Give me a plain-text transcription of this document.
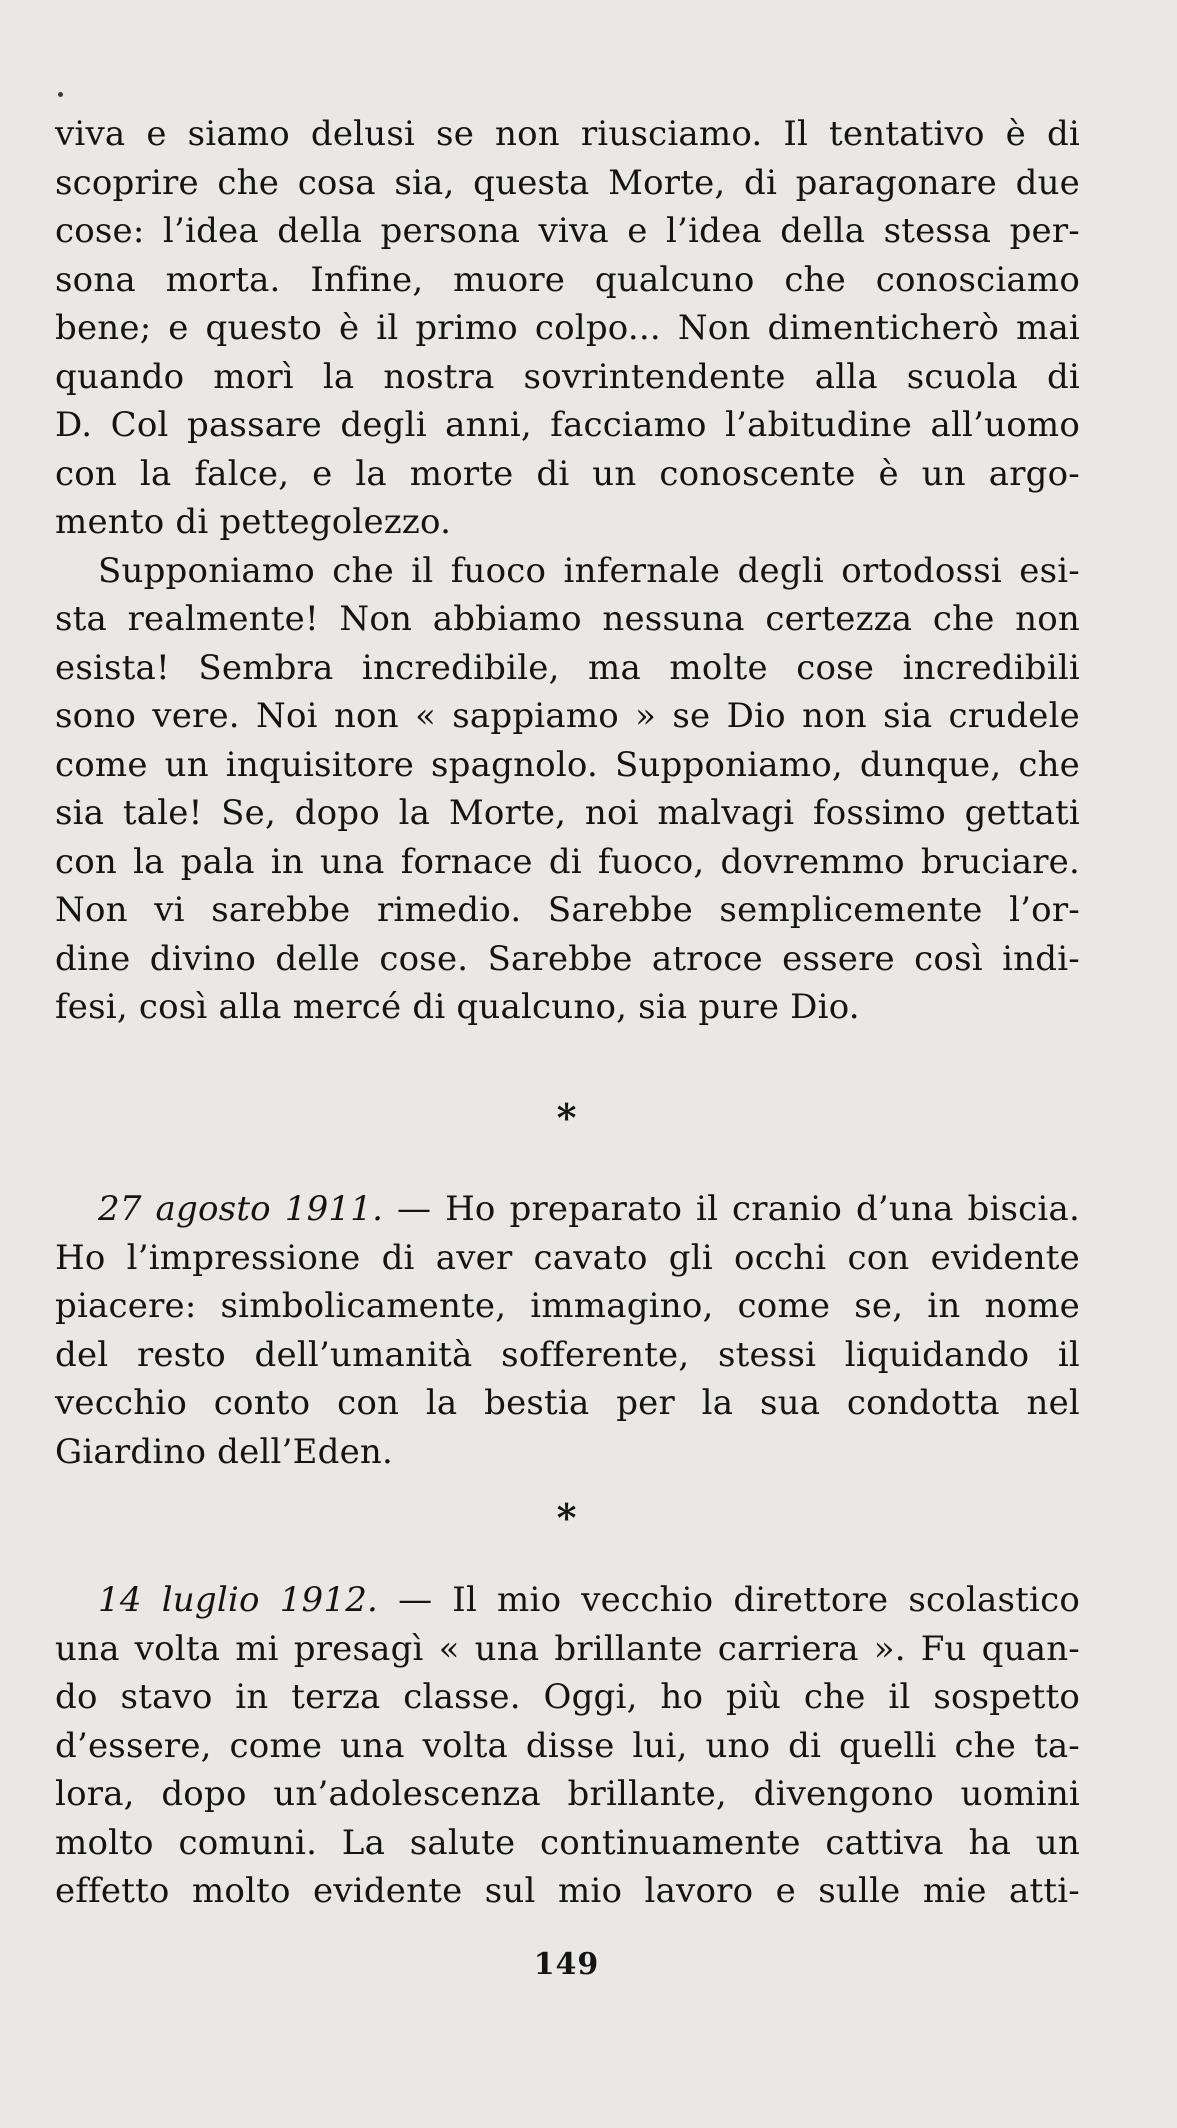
viva e siamo delusi se non riusciamo. Il tentativo è di
scoprire che cosa sia, questa Morte, di paragonare due
cose: l’idea della persona viva e l’idea della stessa per-
sona morta. Infine, muore qualcuno che conosciamo
bene; e questo è il primo colpo... Non dimenticherò mai
quando morì la nostra sovrintendente alla scuola di
D. Col passare degli anni, facciamo l’abitudine all’uomo
con la falce, e la morte di un conoscente è un argo-
mento di pettegolezzo.
Supponiamo che il fuoco infernale degli ortodossi esi-
sta realmente! Non abbiamo nessuna certezza che non
esista! Sembra incredibile, ma molte cose incredibili
sono vere. Noi non « sappiamo » se Dio non sia crudele
come un inquisitore spagnolo. Supponiamo, dunque, che
sia tale! Se, dopo la Morte, noi malvagi fossimo gettati
con la pala in una fornace di fuoco, dovremmo bruciare.
Non vi sarebbe rimedio. Sarebbe semplicemente l’or-
dine divino delle cose. Sarebbe atroce essere così indi-
fesi, così alla mercé di qualcuno, sia pure Dio.
*
27 agosto 1911. — Ho preparato il cranio d’una biscia.
Ho l’impressione di aver cavato gli occhi con evidente
piacere: simbolicamente, immagino, come se, in nome
del resto dell’umanità sofferente, stessi liquidando il
vecchio conto con la bestia per la sua condotta nel
Giardino dell’Eden.
*
14 luglio 1912. — Il mio vecchio direttore scolastico
una volta mi presagì « una brillante carriera ». Fu quan-
do stavo in terza classe. Oggi, ho più che il sospetto
d’essere, come una volta disse lui, uno di quelli che ta-
lora, dopo un’adolescenza brillante, divengono uomini
molto comuni. La salute continuamente cattiva ha un
effetto molto evidente sul mio lavoro e sulle mie atti-
149
